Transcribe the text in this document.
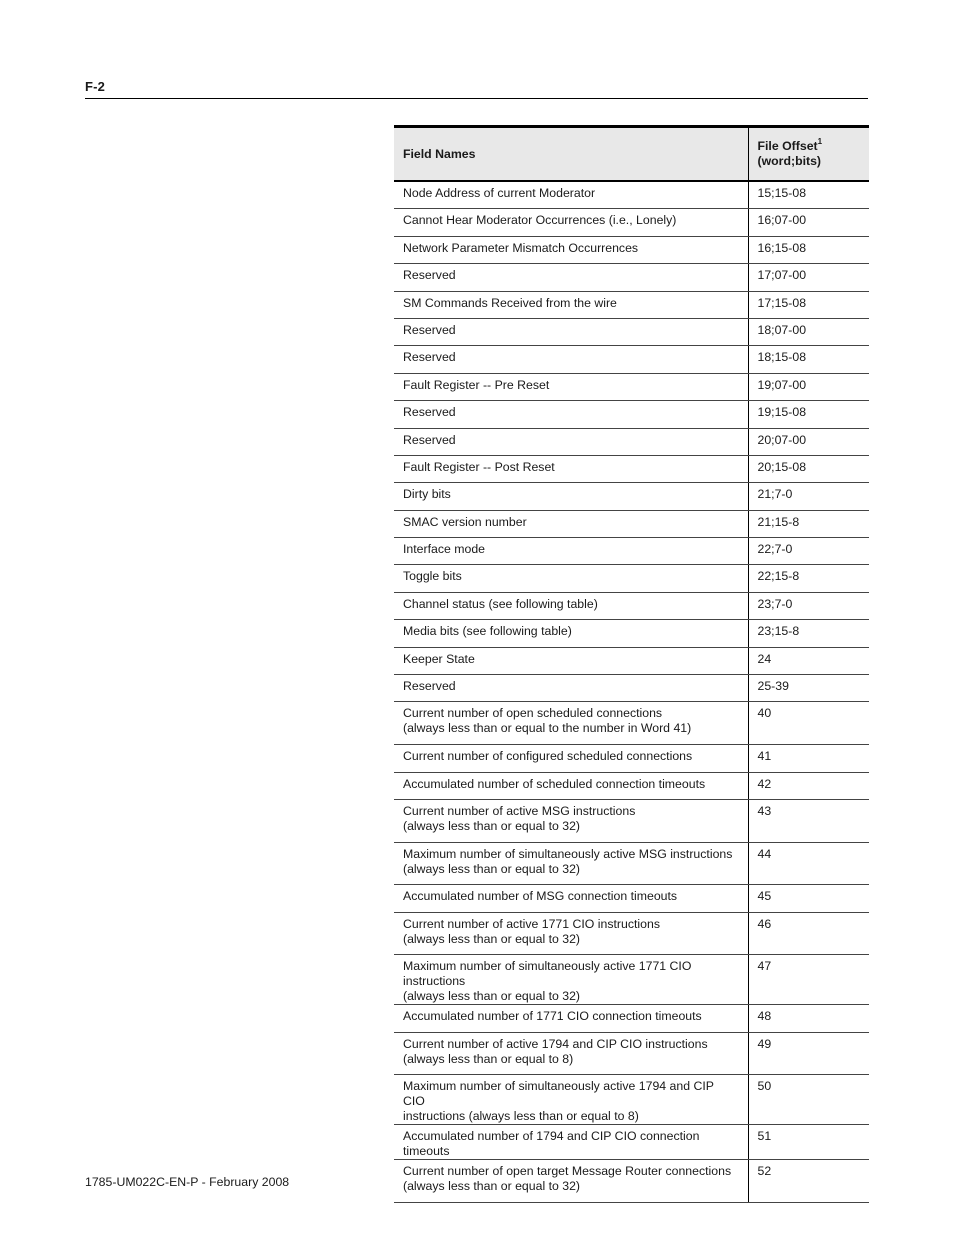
F-2
Field Names	File Offset$^1$
(word;bits)
Node Address of current Moderator	15;15-08
Cannot Hear Moderator Occurrences (i.e., Lonely)	16;07-00
Network Parameter Mismatch Occurrences	16;15-08
Reserved	17;07-00
SM Commands Received from the wire	17;15-08
Reserved	18;07-00
Reserved	18;15-08
Fault Register -- Pre Reset	19;07-00
Reserved	19;15-08
Reserved	20;07-00
Fault Register -- Post Reset	20;15-08
Dirty bits	21;7-0
SMAC version number	21;15-8
Interface mode	22;7-0
Toggle bits	22;15-8
Channel status (see following table)	23;7-0
Media bits (see following table)	23;15-8
Keeper State	24
Reserved	25-39
Current number of open scheduled connections
(always less than or equal to the number in Word 41)	40
Current number of configured scheduled connections	41
Accumulated number of scheduled connection timeouts	42
Current number of active MSG instructions
(always less than or equal to 32)	43
Maximum number of simultaneously active MSG instructions
(always less than or equal to 32)	44
Accumulated number of MSG connection timeouts	45
Current number of active 1771 CIO instructions
(always less than or equal to 32)	46
Maximum number of simultaneously active 1771 CIO instructions
(always less than or equal to 32)	47
Accumulated number of 1771 CIO connection timeouts	48
Current number of active 1794 and CIP CIO instructions
(always less than or equal to 8)	49
Maximum number of simultaneously active 1794 and CIP CIO
instructions (always less than or equal to 8)	50
Accumulated number of 1794 and CIP CIO connection timeouts	51
Current number of open target Message Router connections
(always less than or equal to 32)	52
1785-UM022C-EN-P - February 2008
